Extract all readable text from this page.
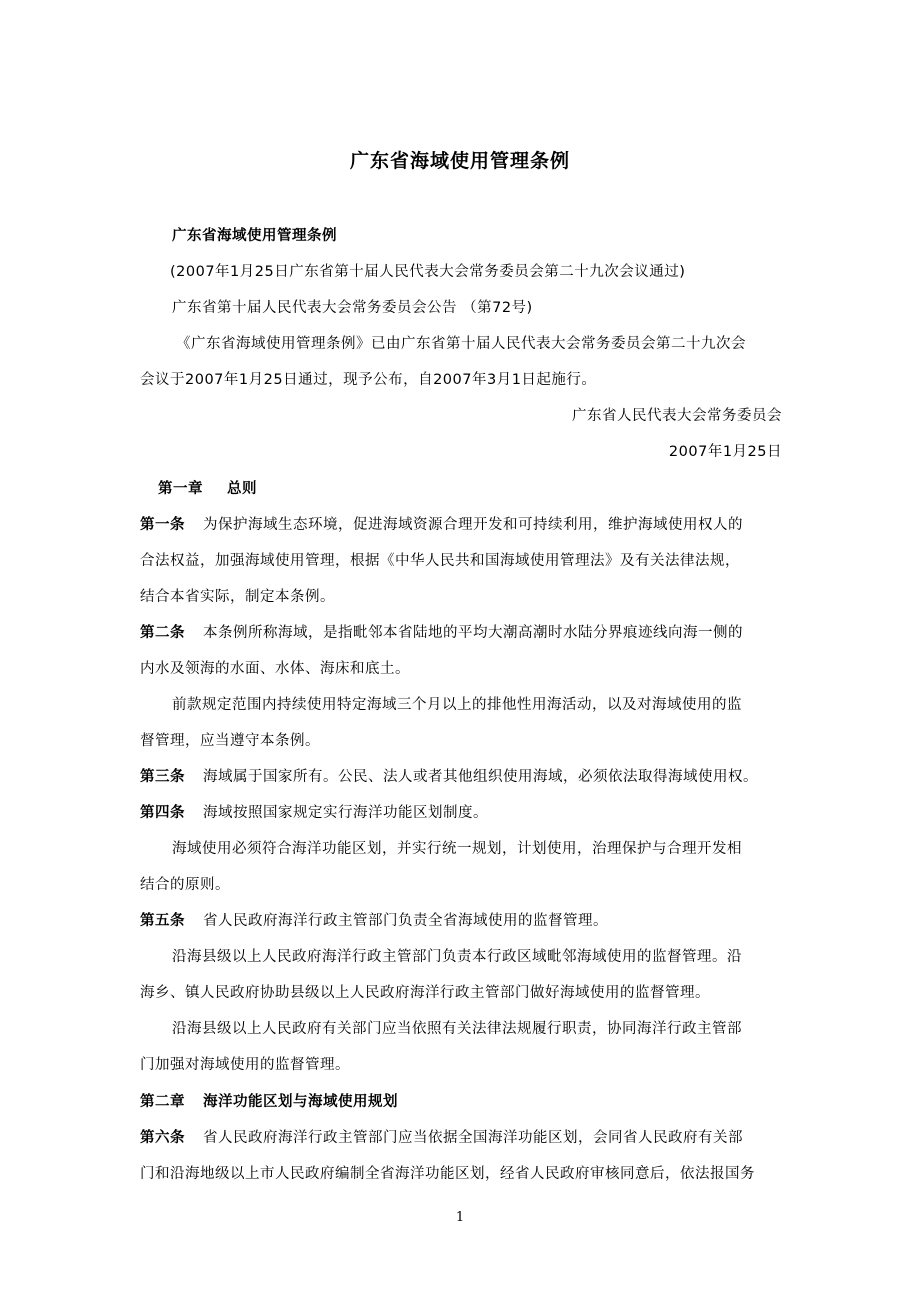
广东省海域使用管理条例
广东省海域使用管理条例
(2007年1月25日广东省第十届人民代表大会常务委员会第二十九次会议通过)
广东省第十届人民代表大会常务委员会公告 （第72号)
《广东省海域使用管理条例》已由广东省第十届人民代表大会常务委员会第二十九次会
会议于2007年1月25日通过，现予公布，自2007年3月1日起施行。
广东省人民代表大会常务委员会
2007年1月25日
第一章 总则
第一条 为保护海域生态环境，促进海域资源合理开发和可持续利用，维护海域使用权人的
合法权益，加强海域使用管理，根据《中华人民共和国海域使用管理法》及有关法律法规，
结合本省实际，制定本条例。
第二条 本条例所称海域，是指毗邻本省陆地的平均大潮高潮时水陆分界痕迹线向海一侧的
内水及领海的水面、水体、海床和底土。
前款规定范围内持续使用特定海域三个月以上的排他性用海活动，以及对海域使用的监
督管理，应当遵守本条例。
第三条 海域属于国家所有。公民、法人或者其他组织使用海域，必须依法取得海域使用权。
第四条 海域按照国家规定实行海洋功能区划制度。
海域使用必须符合海洋功能区划，并实行统一规划，计划使用，治理保护与合理开发相
结合的原则。
第五条 省人民政府海洋行政主管部门负责全省海域使用的监督管理。
沿海县级以上人民政府海洋行政主管部门负责本行政区域毗邻海域使用的监督管理。沿
海乡、镇人民政府协助县级以上人民政府海洋行政主管部门做好海域使用的监督管理。
沿海县级以上人民政府有关部门应当依照有关法律法规履行职责，协同海洋行政主管部
门加强对海域使用的监督管理。
第二章 海洋功能区划与海域使用规划
第六条 省人民政府海洋行政主管部门应当依据全国海洋功能区划，会同省人民政府有关部
门和沿海地级以上市人民政府编制全省海洋功能区划，经省人民政府审核同意后，依法报国务
1
